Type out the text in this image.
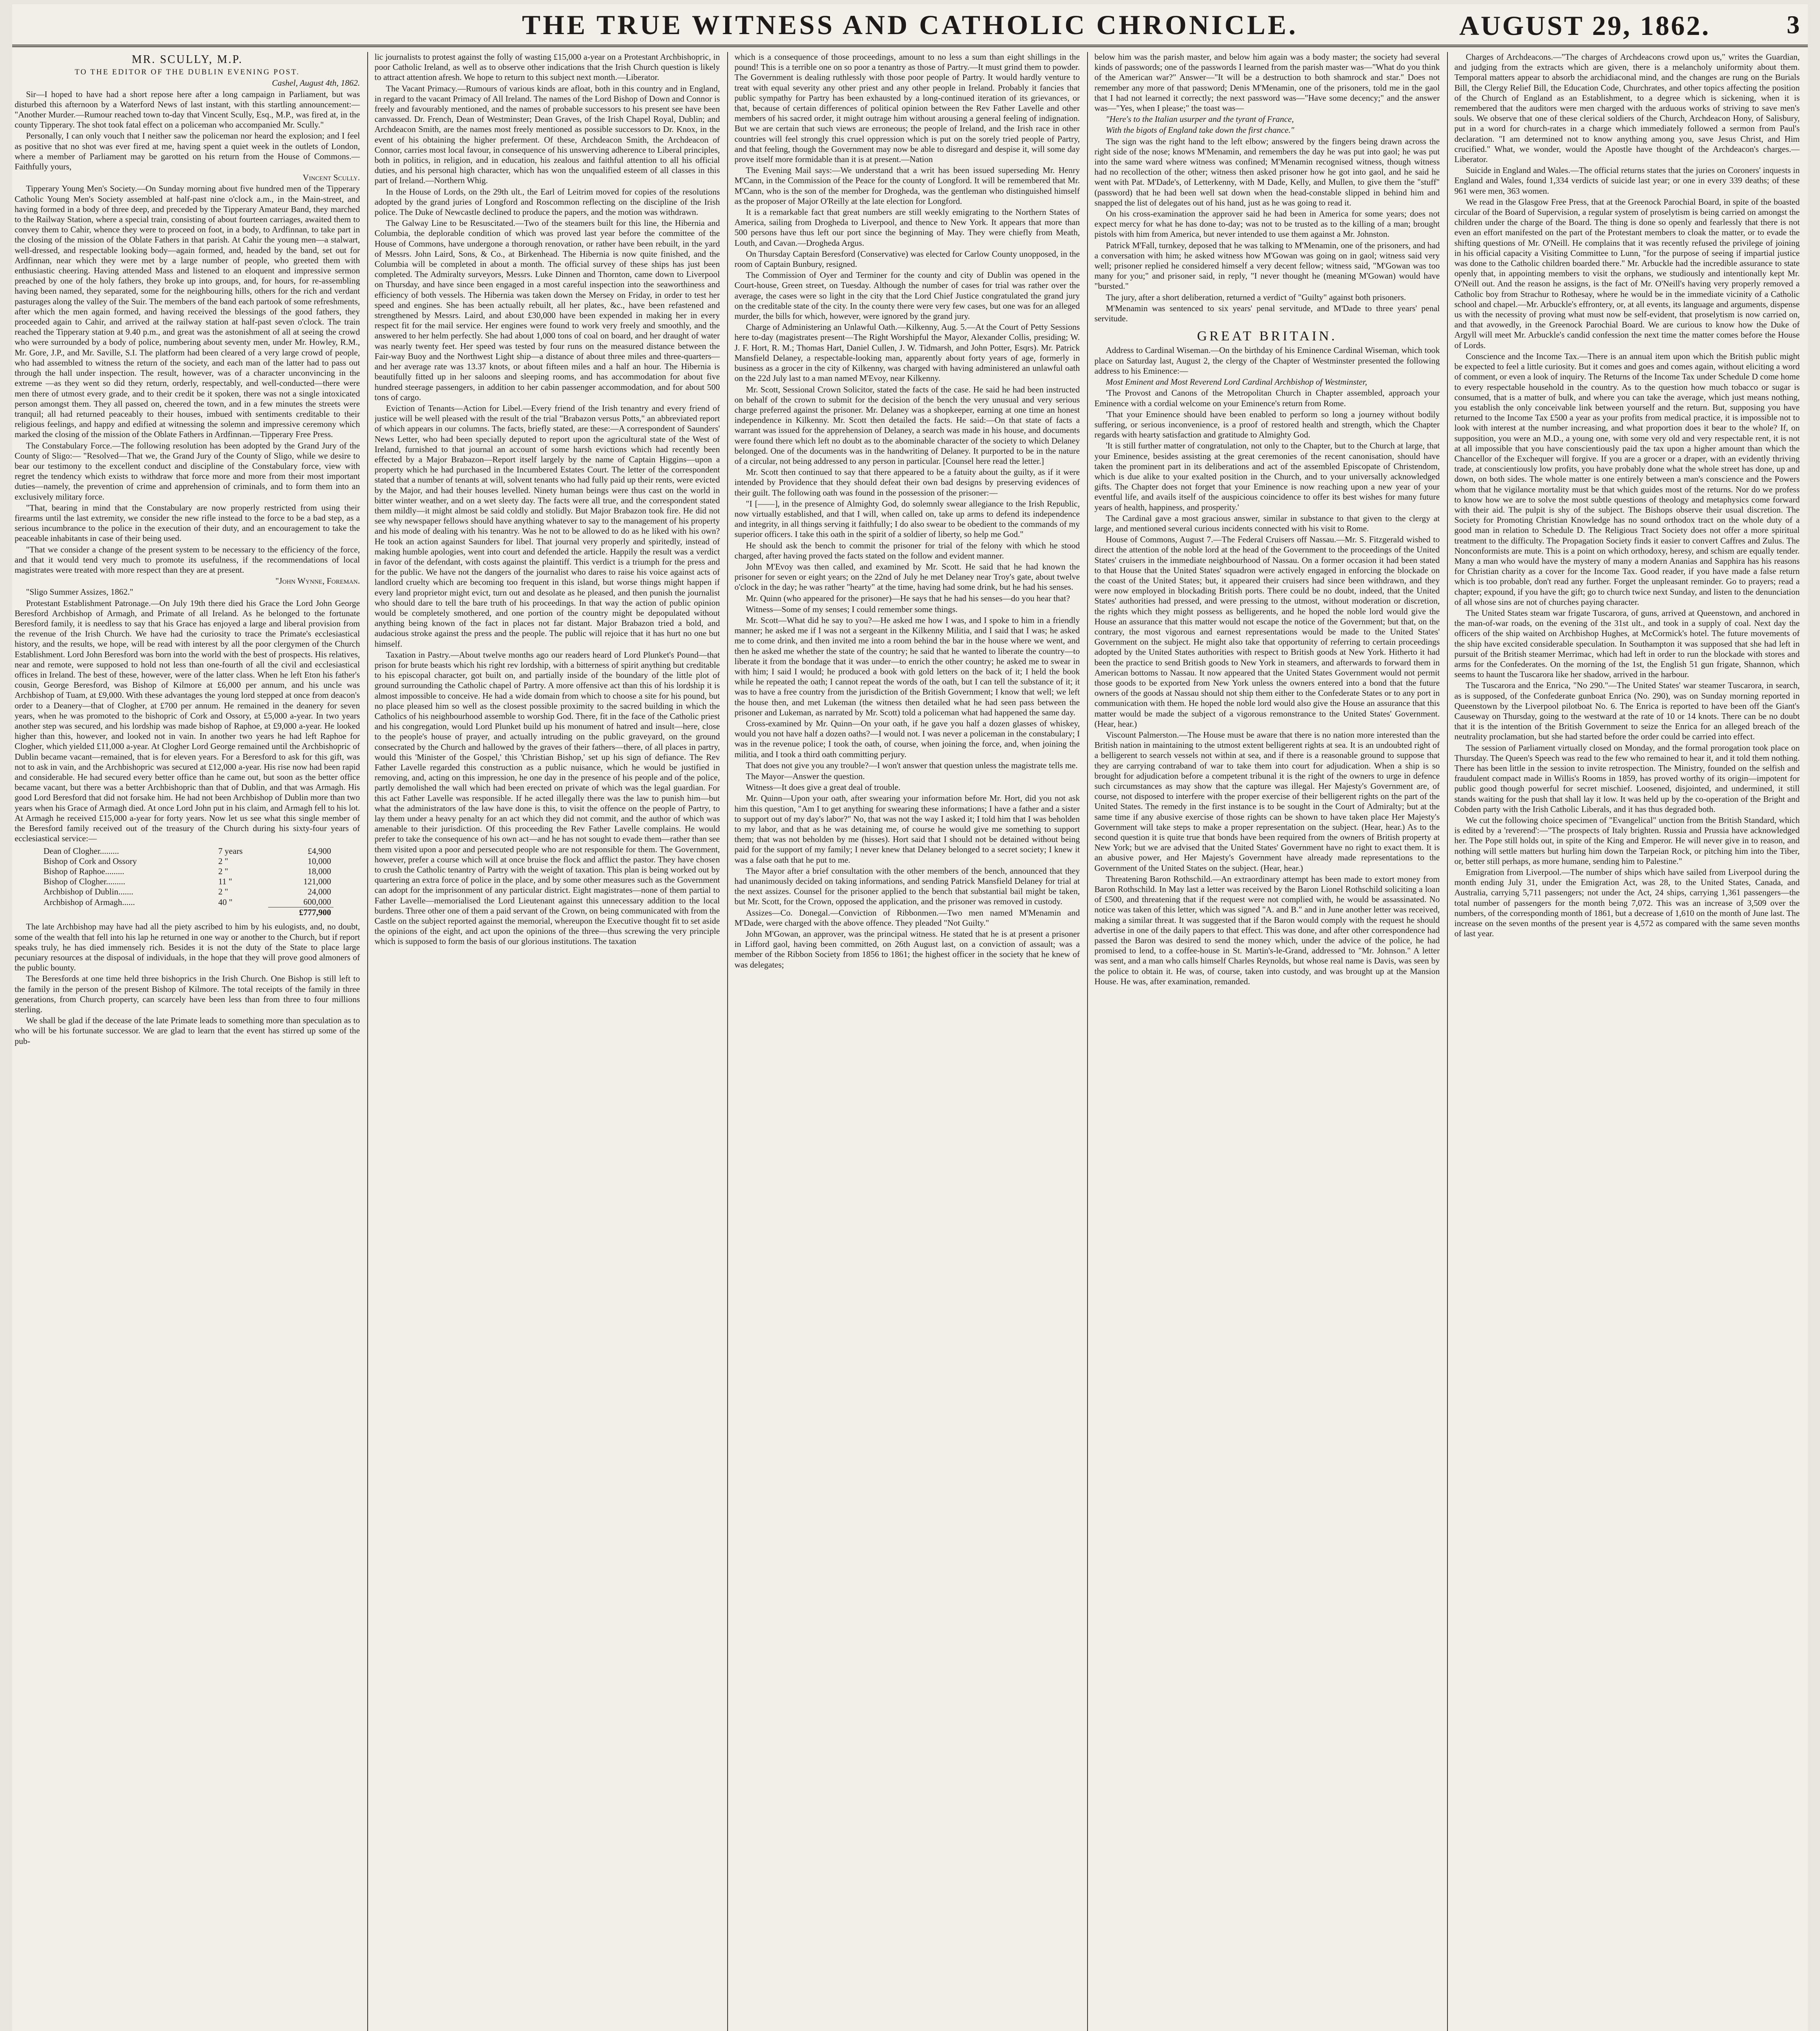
THE TRUE WITNESS AND CATHOLIC CHRONICLE.	AUGUST 29, 1862.	3
MR. SCULLY, M.P.

TO THE EDITOR OF THE DUBLIN EVENING POST.

Cashel, August 4th, 1862.

Sir—I hoped to have had a short repose here after a long campaign in Parliament, but was disturbed this afternoon by a Waterford News of last instant, with this startling announcement:— "Another Murder.—Rumour reached town to-day that Vincent Scully, Esq., M.P., was fired at, in the county Tipperary. The shot took fatal effect on a policeman who accompanied Mr. Scully."

Personally, I can only vouch that I neither saw the policeman nor heard the explosion; and I feel as positive that no shot was ever fired at me, having spent a quiet week in the outlets of London, where a member of Parliament may be garotted on his return from the House of Commons.—Faithfully yours,

Vincent Scully.

Tipperary Young Men's Society.—On Sunday morning about five hundred men of the Tipperary Catholic Young Men's Society assembled at half-past nine o'clock a.m., in the Main-street, and having formed in a body of three deep, and preceded by the Tipperary Amateur Band, they marched to the Railway Station, where a special train, consisting of about fourteen carriages, awaited them to convey them to Cahir, whence they were to proceed on foot, in a body, to Ardfinnan, to take part in the closing of the mission of the Oblate Fathers in that parish. At Cahir the young men—a stalwart, well-dressed, and respectable looking body—again formed, and, headed by the band, set out for Ardfinnan, near which they were met by a large number of people, who greeted them with enthusiastic cheering. Having attended Mass and listened to an eloquent and impressive sermon preached by one of the holy fathers, they broke up into groups, and, for hours, for re-assembling having been named, they separated, some for the neighbouring hills, others for the rich and verdant pasturages along the valley of the Suir. The members of the band each partook of some refreshments, after which the men again formed, and having received the blessings of the good fathers, they proceeded again to Cahir, and arrived at the railway station at half-past seven o'clock. The train reached the Tipperary station at 9.40 p.m., and great was the astonishment of all at seeing the crowd who were surrounded by a body of police, numbering about seventy men, under Mr. Howley, R.M., Mr. Gore, J.P., and Mr. Saville, S.I. The platform had been cleared of a very large crowd of people, who had assembled to witness the return of the society, and each man of the latter had to pass out through the hall under inspection. The result, however, was of a character unconvincing in the extreme —as they went so did they return, orderly, respectably, and well-conducted—there were men there of utmost every grade, and to their credit be it spoken, there was not a single intoxicated person amongst them. They all passed on, cheered the town, and in a few minutes the streets were tranquil; all had returned peaceably to their houses, imbued with sentiments creditable to their religious feelings, and happy and edified at witnessing the solemn and impressive ceremony which marked the closing of the mission of the Oblate Fathers in Ardfinnan.—Tipperary Free Press.

The Constabulary Force.—The following resolution has been adopted by the Grand Jury of the County of Sligo:— "Resolved—That we, the Grand Jury of the County of Sligo, while we desire to bear our testimony to the excellent conduct and discipline of the Constabulary force, view with regret the tendency which exists to withdraw that force more and more from their most important duties—namely, the prevention of crime and apprehension of criminals, and to form them into an exclusively military force.

"That, bearing in mind that the Constabulary are now properly restricted from using their firearms until the last extremity, we consider the new rifle instead to the force to be a bad step, as a serious incumbrance to the police in the execution of their duty, and an encouragement to take the peaceable inhabitants in case of their being used.

"That we consider a change of the present system to be necessary to the efficiency of the force, and that it would tend very much to promote its usefulness, if the recommendations of local magistrates were treated with more respect than they are at present.

"John Wynne, Foreman.

"Sligo Summer Assizes, 1862."

Protestant Establishment Patronage.—On July 19th there died his Grace the Lord John George Beresford Archbishop of Armagh, and Primate of all Ireland. As he belonged to the fortunate Beresford family, it is needless to say that his Grace has enjoyed a large and liberal provision from the revenue of the Irish Church. We have had the curiosity to trace the Primate's ecclesiastical history, and the results, we hope, will be read with interest by all the poor clergymen of the Church Establishment. Lord John Beresford was born into the world with the best of prospects. His relatives, near and remote, were supposed to hold not less than one-fourth of all the civil and ecclesiastical offices in Ireland. The best of these, however, were of the latter class. When he left Eton his father's cousin, George Beresford, was Bishop of Kilmore at £6,000 per annum, and his uncle was Archbishop of Tuam, at £9,000. With these advantages the young lord stepped at once from deacon's order to a Deanery—that of Clogher, at £700 per annum. He remained in the deanery for seven years, when he was promoted to the bishopric of Cork and Ossory, at £5,000 a-year. In two years another step was secured, and his lordship was made bishop of Raphoe, at £9,000 a-year. He looked higher than this, however, and looked not in vain. In another two years he had left Raphoe for Clogher, which yielded £11,000 a-year. At Clogher Lord George remained until the Archbishopric of Dublin became vacant—remained, that is for eleven years. For a Beresford to ask for this gift, was not to ask in vain, and the Archbishopric was secured at £12,000 a-year. His rise now had been rapid and considerable. He had secured every better office than he came out, but soon as the better office became vacant, but there was a better Archbishopric than that of Dublin, and that was Armagh. His good Lord Beresford that did not forsake him. He had not been Archbishop of Dublin more than two years when his Grace of Armagh died. At once Lord John put in his claim, and Armagh fell to his lot. At Armagh he received £15,000 a-year for forty years. Now let us see what this single member of the Beresford family received out of the treasury of the Church during his sixty-four years of ecclesiastical service:—

Dean of Clogher.........	7 years	£4,900
Bishop of Cork and Ossory	2 "	10,000
Bishop of Raphoe.........	2 "	18,000
Bishop of Clogher.........	11 "	121,000
Archbishop of Dublin.......	2 "	24,000
Archbishop of Armagh......	40 "	600,000
		£777,900

The late Archbishop may have had all the piety ascribed to him by his eulogists, and, no doubt, some of the wealth that fell into his lap he returned in one way or another to the Church, but if report speaks truly, he has died immensely rich. Besides it is not the duty of the State to place large pecuniary resources at the disposal of individuals, in the hope that they will prove good almoners of the public bounty.

The Beresfords at one time held three bishoprics in the Irish Church. One Bishop is still left to the family in the person of the present Bishop of Kilmore. The total receipts of the family in three generations, from Church property, can scarcely have been less than from three to four millions sterling.

We shall be glad if the decease of the late Primate leads to something more than speculation as to who will be his fortunate successor. We are glad to learn that the event has stirred up some of the pub-

lic journalists to protest against the folly of wasting £15,000 a-year on a Protestant Archbishopric, in poor Catholic Ireland, as well as to observe other indications that the Irish Church question is likely to attract attention afresh. We hope to return to this subject next month.—Liberator.

The Vacant Primacy.—Rumours of various kinds are afloat, both in this country and in England, in regard to the vacant Primacy of All Ireland. The names of the Lord Bishop of Down and Connor is freely and favourably mentioned, and the names of probable successors to his present see have been canvassed. Dr. French, Dean of Westminster; Dean Graves, of the Irish Chapel Royal, Dublin; and Archdeacon Smith, are the names most freely mentioned as possible successors to Dr. Knox, in the event of his obtaining the higher preferment. Of these, Archdeacon Smith, the Archdeacon of Connor, carries most local favour, in consequence of his unswerving adherence to Liberal principles, both in politics, in religion, and in education, his zealous and faithful attention to all his official duties, and his personal high character, which has won the unqualified esteem of all classes in this part of Ireland.—Northern Whig.

In the House of Lords, on the 29th ult., the Earl of Leitrim moved for copies of the resolutions adopted by the grand juries of Longford and Roscommon reflecting on the discipline of the Irish police. The Duke of Newcastle declined to produce the papers, and the motion was withdrawn.

The Galway Line to be Resuscitated.—Two of the steamers built for this line, the Hibernia and Columbia, the deplorable condition of which was proved last year before the committee of the House of Commons, have undergone a thorough renovation, or rather have been rebuilt, in the yard of Messrs. John Laird, Sons, & Co., at Birkenhead. The Hibernia is now quite finished, and the Columbia will be completed in about a month. The official survey of these ships has just been completed. The Admiralty surveyors, Messrs. Luke Dinnen and Thornton, came down to Liverpool on Thursday, and have since been engaged in a most careful inspection into the seaworthiness and efficiency of both vessels. The Hibernia was taken down the Mersey on Friday, in order to test her speed and engines. She has been actually rebuilt, all her plates, &c., have been refastened and strengthened by Messrs. Laird, and about £30,000 have been expended in making her in every respect fit for the mail service. Her engines were found to work very freely and smoothly, and the answered to her helm perfectly. She had about 1,000 tons of coal on board, and her draught of water was nearly twenty feet. Her speed was tested by four runs on the measured distance between the Fair-way Buoy and the Northwest Light ship—a distance of about three miles and three-quarters—and her average rate was 13.37 knots, or about fifteen miles and a half an hour. The Hibernia is beautifully fitted up in her saloons and sleeping rooms, and has accommodation for about five hundred steerage passengers, in addition to her cabin passenger accommodation, and for about 500 tons of cargo.

Eviction of Tenants—Action for Libel.—Every friend of the Irish tenantry and every friend of justice will be well pleased with the result of the trial "Brabazon versus Potts," an abbreviated report of which appears in our columns. The facts, briefly stated, are these:—A correspondent of Saunders' News Letter, who had been specially deputed to report upon the agricultural state of the West of Ireland, furnished to that journal an account of some harsh evictions which had recently been effected by a Major Brabazon—Report itself largely by the name of Captain Higgins—upon a property which he had purchased in the Incumbered Estates Court. The letter of the correspondent stated that a number of tenants at will, solvent tenants who had fully paid up their rents, were evicted by the Major, and had their houses levelled. Ninety human beings were thus cast on the world in bitter winter weather, and on a wet sleety day. The facts were all true, and the correspondent stated them mildly—it might almost be said coldly and stolidly. But Major Brabazon took fire. He did not see why newspaper fellows should have anything whatever to say to the management of his property and his mode of dealing with his tenantry. Was he not to be allowed to do as he liked with his own? He took an action against Saunders for libel. That journal very properly and spiritedly, instead of making humble apologies, went into court and defended the article. Happily the result was a verdict in favor of the defendant, with costs against the plaintiff. This verdict is a triumph for the press and for the public. We have not the dangers of the journalist who dares to raise his voice against acts of landlord cruelty which are becoming too frequent in this island, but worse things might happen if every land proprietor might evict, turn out and desolate as he pleased, and then punish the journalist who should dare to tell the bare truth of his proceedings. In that way the action of public opinion would be completely smothered, and one portion of the country might be depopulated without anything being known of the fact in places not far distant. Major Brabazon tried a bold, and audacious stroke against the press and the people. The public will rejoice that it has hurt no one but himself.

Taxation in Pastry.—About twelve months ago our readers heard of Lord Plunket's Pound—that prison for brute beasts which his right rev lordship, with a bitterness of spirit anything but creditable to his episcopal character, got built on, and partially inside of the boundary of the little plot of ground surrounding the Catholic chapel of Partry. A more offensive act than this of his lordship it is almost impossible to conceive. He had a wide domain from which to choose a site for his pound, but no place pleased him so well as the closest possible proximity to the sacred building in which the Catholics of his neighbourhood assemble to worship God. There, fit in the face of the Catholic priest and his congregation, would Lord Plunket build up his monument of hatred and insult—here, close to the people's house of prayer, and actually intruding on the public graveyard, on the ground consecrated by the Church and hallowed by the graves of their fathers—there, of all places in partry, would this 'Minister of the Gospel,' this 'Christian Bishop,' set up his sign of defiance. The Rev Father Lavelle regarded this construction as a public nuisance, which he would be justified in removing, and, acting on this impression, he one day in the presence of his people and of the police, partly demolished the wall which had been erected on private of which was the legal guardian. For this act Father Lavelle was responsible. If he acted illegally there was the law to punish him—but what the administrators of the law have done is this, to visit the offence on the people of Partry, to lay them under a heavy penalty for an act which they did not commit, and the author of which was amenable to their jurisdiction. Of this proceeding the Rev Father Lavelle complains. He would prefer to take the consequence of his own act—and he has not sought to evade them—rather than see them visited upon a poor and persecuted people who are not responsible for them. The Government, however, prefer a course which will at once bruise the flock and afflict the pastor. They have chosen to crush the Catholic tenantry of Partry with the weight of taxation. This plan is being worked out by quartering an extra force of police in the place, and by some other measures such as the Government can adopt for the imprisonment of any particular district. Eight magistrates—none of them partial to Father Lavelle—memorialised the Lord Lieutenant against this unnecessary addition to the local burdens. Three other one of them a paid servant of the Crown, on being communicated with from the Castle on the subject reported against the memorial, whereupon the Executive thought fit to set aside the opinions of the eight, and act upon the opinions of the three—thus screwing the very principle which is supposed to form the basis of our glorious institutions. The taxation

which is a consequence of those proceedings, amount to no less a sum than eight shillings in the pound! This is a terrible one on so poor a tenantry as those of Partry.—It must grind them to powder. The Government is dealing ruthlessly with those poor people of Partry. It would hardly venture to treat with equal severity any other priest and any other people in Ireland. Probably it fancies that public sympathy for Partry has been exhausted by a long-continued iteration of its grievances, or that, because of certain differences of political opinion between the Rev Father Lavelle and other members of his sacred order, it might outrage him without arousing a general feeling of indignation. But we are certain that such views are erroneous; the people of Ireland, and the Irish race in other countries will feel strongly this cruel oppression which is put on the sorely tried people of Partry, and that feeling, though the Government may now be able to disregard and despise it, will some day prove itself more formidable than it is at present.—Nation

The Evening Mail says:—We understand that a writ has been issued superseding Mr. Henry M'Cann, in the Commission of the Peace for the county of Longford. It will be remembered that Mr. M'Cann, who is the son of the member for Drogheda, was the gentleman who distinguished himself as the proposer of Major O'Reilly at the late election for Longford.

It is a remarkable fact that great numbers are still weekly emigrating to the Northern States of America, sailing from Drogheda to Liverpool, and thence to New York. It appears that more than 500 persons have thus left our port since the beginning of May. They were chiefly from Meath, Louth, and Cavan.—Drogheda Argus.

On Thursday Captain Beresford (Conservative) was elected for Carlow County unopposed, in the room of Captain Bunbury, resigned.

The Commission of Oyer and Terminer for the county and city of Dublin was opened in the Court-house, Green street, on Tuesday. Although the number of cases for trial was rather over the average, the cases were so light in the city that the Lord Chief Justice congratulated the grand jury on the creditable state of the city. In the county there were very few cases, but one was for an alleged murder, the bills for which, however, were ignored by the grand jury.

Charge of Administering an Unlawful Oath.—Kilkenny, Aug. 5.—At the Court of Petty Sessions here to-day (magistrates present—The Right Worshipful the Mayor, Alexander Collis, presiding; W. J. F. Hort, R. M.; Thomas Hart, Daniel Cullen, J. W. Tidmarsh, and John Potter, Esqrs). Mr. Patrick Mansfield Delaney, a respectable-looking man, apparently about forty years of age, formerly in business as a grocer in the city of Kilkenny, was charged with having administered an unlawful oath on the 22d July last to a man named M'Evoy, near Kilkenny.

Mr. Scott, Sessional Crown Solicitor, stated the facts of the case. He said he had been instructed on behalf of the crown to submit for the decision of the bench the very unusual and very serious charge preferred against the prisoner. Mr. Delaney was a shopkeeper, earning at one time an honest independence in Kilkenny. Mr. Scott then detailed the facts. He said:—On that state of facts a warrant was issued for the apprehension of Delaney, a search was made in his house, and documents were found there which left no doubt as to the abominable character of the society to which Delaney belonged. One of the documents was in the handwriting of Delaney. It purported to be in the nature of a circular, not being addressed to any person in particular. [Counsel here read the letter.]

Mr. Scott then continued to say that there appeared to be a fatuity about the guilty, as if it were intended by Providence that they should defeat their own bad designs by preserving evidences of their guilt. The following oath was found in the possession of the prisoner:—

"I [——], in the presence of Almighty God, do solemnly swear allegiance to the Irish Republic, now virtually established, and that I will, when called on, take up arms to defend its independence and integrity, in all things serving it faithfully; I do also swear to be obedient to the commands of my superior officers. I take this oath in the spirit of a soldier of liberty, so help me God."

He should ask the bench to commit the prisoner for trial of the felony with which he stood charged, after having proved the facts stated on the follow and evident manner.

John M'Evoy was then called, and examined by Mr. Scott. He said that he had known the prisoner for seven or eight years; on the 22nd of July he met Delaney near Troy's gate, about twelve o'clock in the day; he was rather "hearty" at the time, having had some drink, but he had his senses.

Mr. Quinn (who appeared for the prisoner)—He says that he had his senses—do you hear that?

Witness—Some of my senses; I could remember some things.

Mr. Scott—What did he say to you?—He asked me how I was, and I spoke to him in a friendly manner; he asked me if I was not a sergeant in the Kilkenny Militia, and I said that I was; he asked me to come drink, and then invited me into a room behind the bar in the house where we went, and then he asked me whether the state of the country; he said that he wanted to liberate the country—to liberate it from the bondage that it was under—to enrich the other country; he asked me to swear in with him; I said I would; he produced a book with gold letters on the back of it; I held the book while he repeated the oath; I cannot repeat the words of the oath, but I can tell the substance of it; it was to have a free country from the jurisdiction of the British Government; I know that well; we left the house then, and met Lukeman (the witness then detailed what he had seen pass between the prisoner and Lukeman, as narrated by Mr. Scott) told a policeman what had happened the same day.

Cross-examined by Mr. Quinn—On your oath, if he gave you half a dozen glasses of whiskey, would you not have half a dozen oaths?—I would not. I was never a policeman in the constabulary; I was in the revenue police; I took the oath, of course, when joining the force, and, when joining the militia, and I took a third oath committing perjury.

That does not give you any trouble?—I won't answer that question unless the magistrate tells me.

The Mayor—Answer the question.

Witness—It does give a great deal of trouble.

Mr. Quinn—Upon your oath, after swearing your information before Mr. Hort, did you not ask him this question, "Am I to get anything for swearing these informations; I have a father and a sister to support out of my day's labor?" No, that was not the way I asked it; I told him that I was beholden to my labor, and that as he was detaining me, of course he would give me something to support them; that was not beholden by me (hisses). Hort said that I should not be detained without being paid for the support of my family; I never knew that Delaney belonged to a secret society; I knew it was a false oath that he put to me.

The Mayor after a brief consultation with the other members of the bench, announced that they had unanimously decided on taking informations, and sending Patrick Mansfield Delaney for trial at the next assizes. Counsel for the prisoner applied to the bench that substantial bail might be taken, but Mr. Scott, for the Crown, opposed the application, and the prisoner was removed in custody.

Assizes—Co. Donegal.—Conviction of Ribbonmen.—Two men named M'Menamin and M'Dade, were charged with the above offence. They pleaded "Not Guilty."

John M'Gowan, an approver, was the principal witness. He stated that he is at present a prisoner in Lifford gaol, having been committed, on 26th August last, on a conviction of assault; was a member of the Ribbon Society from 1856 to 1861; the highest officer in the society that he knew of was delegates;

below him was the parish master, and below him again was a body master; the society had several kinds of passwords; one of the passwords I learned from the parish master was—"What do you think of the American war?" Answer—"It will be a destruction to both shamrock and star." Does not remember any more of that password; Denis M'Menamin, one of the prisoners, told me in the gaol that I had not learned it correctly; the next password was—"Have some decency;" and the answer was—"Yes, when I please;" the toast was—

"Here's to the Italian usurper and the tyrant of France,

With the bigots of England take down the first chance."

The sign was the right hand to the left elbow; answered by the fingers being drawn across the right side of the nose; knows M'Menamin, and remembers the day he was put into gaol; he was put into the same ward where witness was confined; M'Menamin recognised witness, though witness had no recollection of the other; witness then asked prisoner how he got into gaol, and he said he went with Pat. M'Dade's, of Letterkenny, with M Dade, Kelly, and Mullen, to give them the "stuff" (password) that he had been well sat down when the head-constable slipped in behind him and snapped the list of delegates out of his hand, just as he was going to read it.

On his cross-examination the approver said he had been in America for some years; does not expect mercy for what he has done to-day; was not to be trusted as to the killing of a man; brought pistols with him from America, but never intended to use them against a Mr. Johnston.

Patrick M'Fall, turnkey, deposed that he was talking to M'Menamin, one of the prisoners, and had a conversation with him; he asked witness how M'Gowan was going on in gaol; witness said very well; prisoner replied he considered himself a very decent fellow; witness said, "M'Gowan was too many for you;" and prisoner said, in reply, "I never thought he (meaning M'Gowan) would have "bursted."

The jury, after a short deliberation, returned a verdict of "Guilty" against both prisoners.

M'Menamin was sentenced to six years' penal servitude, and M'Dade to three years' penal servitude.

GREAT BRITAIN.

Address to Cardinal Wiseman.—On the birthday of his Eminence Cardinal Wiseman, which took place on Saturday last, August 2, the clergy of the Chapter of Westminster presented the following address to his Eminence:—

Most Eminent and Most Reverend Lord Cardinal Archbishop of Westminster,

'The Provost and Canons of the Metropolitan Church in Chapter assembled, approach your Eminence with a cordial welcome on your Eminence's return from Rome.

'That your Eminence should have been enabled to perform so long a journey without bodily suffering, or serious inconvenience, is a proof of restored health and strength, which the Chapter regards with hearty satisfaction and gratitude to Almighty God.

'It is still further matter of congratulation, not only to the Chapter, but to the Church at large, that your Eminence, besides assisting at the great ceremonies of the recent canonisation, should have taken the prominent part in its deliberations and act of the assembled Episcopate of Christendom, which is due alike to your exalted position in the Church, and to your universally acknowledged gifts. The Chapter does not forget that your Eminence is now reaching upon a new year of your eventful life, and avails itself of the auspicious coincidence to offer its best wishes for many future years of health, happiness, and prosperity.'

The Cardinal gave a most gracious answer, similar in substance to that given to the clergy at large, and mentioned several curious incidents connected with his visit to Rome.

House of Commons, August 7.—The Federal Cruisers off Nassau.—Mr. S. Fitzgerald wished to direct the attention of the noble lord at the head of the Government to the proceedings of the United States' cruisers in the immediate neighbourhood of Nassau. On a former occasion it had been stated to that House that the United States' squadron were actively engaged in enforcing the blockade on the coast of the United States; but, it appeared their cruisers had since been withdrawn, and they were now employed in blockading British ports. There could be no doubt, indeed, that the United States' authorities had pressed, and were pressing to the utmost, without moderation or discretion, the rights which they might possess as belligerents, and he hoped the noble lord would give the House an assurance that this matter would not escape the notice of the Government; but that, on the contrary, the most vigorous and earnest representations would be made to the United States' Government on the subject. He might also take that opportunity of referring to certain proceedings adopted by the United States authorities with respect to British goods at New York. Hitherto it had been the practice to send British goods to New York in steamers, and afterwards to forward them in American bottoms to Nassau. It now appeared that the United States Government would not permit those goods to be exported from New York unless the owners entered into a bond that the future owners of the goods at Nassau should not ship them either to the Confederate States or to any port in communication with them. He hoped the noble lord would also give the House an assurance that this matter would be made the subject of a vigorous remonstrance to the United States' Government. (Hear, hear.)

Viscount Palmerston.—The House must be aware that there is no nation more interested than the British nation in maintaining to the utmost extent belligerent rights at sea. It is an undoubted right of a belligerent to search vessels not within at sea, and if there is a reasonable ground to suppose that they are carrying contraband of war to take them into court for adjudication. When a ship is so brought for adjudication before a competent tribunal it is the right of the owners to urge in defence such circumstances as may show that the capture was illegal. Her Majesty's Government are, of course, not disposed to interfere with the proper exercise of their belligerent rights on the part of the United States. The remedy in the first instance is to be sought in the Court of Admiralty; but at the same time if any abusive exercise of those rights can be shown to have taken place Her Majesty's Government will take steps to make a proper representation on the subject. (Hear, hear.) As to the second question it is quite true that bonds have been required from the owners of British property at New York; but we are advised that the United States' Government have no right to exact them. It is an abusive power, and Her Majesty's Government have already made representations to the Government of the United States on the subject. (Hear, hear.)

Threatening Baron Rothschild.—An extraordinary attempt has been made to extort money from Baron Rothschild. In May last a letter was received by the Baron Lionel Rothschild soliciting a loan of £500, and threatening that if the request were not complied with, he would be assassinated. No notice was taken of this letter, which was signed "A. and B." and in June another letter was received, making a similar threat. It was suggested that if the Baron would comply with the request he should advertise in one of the daily papers to that effect. This was done, and after other correspondence had passed the Baron was desired to send the money which, under the advice of the police, he had promised to lend, to a coffee-house in St. Martin's-le-Grand, addressed to "Mr. Johnson." A letter was sent, and a man who calls himself Charles Reynolds, but whose real name is Davis, was seen by the police to obtain it. He was, of course, taken into custody, and was brought up at the Mansion House. He was, after examination, remanded.

Charges of Archdeacons.—"The charges of Archdeacons crowd upon us," writes the Guardian, and judging from the extracts which are given, there is a melancholy uniformity about them. Temporal matters appear to absorb the archidiaconal mind, and the changes are rung on the Burials Bill, the Clergy Relief Bill, the Education Code, Churchrates, and other topics affecting the position of the Church of England as an Establishment, to a degree which is sickening, when it is remembered that the auditors were men charged with the arduous works of striving to save men's souls. We observe that one of these clerical soldiers of the Church, Archdeacon Hony, of Salisbury, put in a word for church-rates in a charge which immediately followed a sermon from Paul's declaration. "I am determined not to know anything among you, save Jesus Christ, and Him crucified." What, we wonder, would the Apostle have thought of the Archdeacon's charges.—Liberator.

Suicide in England and Wales.—The official returns states that the juries on Coroners' inquests in England and Wales, found 1,334 verdicts of suicide last year; or one in every 339 deaths; of these 961 were men, 363 women.

We read in the Glasgow Free Press, that at the Greenock Parochial Board, in spite of the boasted circular of the Board of Supervision, a regular system of proselytism is being carried on amongst the children under the charge of the Board. The thing is done so openly and fearlessly that there is not even an effort manifested on the part of the Protestant members to cloak the matter, or to evade the shifting questions of Mr. O'Neill. He complains that it was recently refused the privilege of joining in his official capacity a Visiting Committee to Lunn, "for the purpose of seeing if impartial justice was done to the Catholic children boarded there." Mr. Arbuckle had the incredible assurance to state openly that, in appointing members to visit the orphans, we studiously and intentionally kept Mr. O'Neill out. And the reason he assigns, is the fact of Mr. O'Neill's having very properly removed a Catholic boy from Strachur to Rothesay, where he would be in the immediate vicinity of a Catholic school and chapel.—Mr. Arbuckle's effrontery, or, at all events, its language and arguments, dispense us with the necessity of proving what must now be self-evident, that proselytism is now carried on, and that avowedly, in the Greenock Parochial Board. We are curious to know how the Duke of Argyll will meet Mr. Arbuckle's candid confession the next time the matter comes before the House of Lords.

Conscience and the Income Tax.—There is an annual item upon which the British public might be expected to feel a little curiosity. But it comes and goes and comes again, without eliciting a word of comment, or even a look of inquiry. The Returns of the Income Tax under Schedule D come home to every respectable household in the country. As to the question how much tobacco or sugar is consumed, that is a matter of bulk, and where you can take the average, which just means nothing, you establish the only conceivable link between yourself and the return. But, supposing you have returned to the Income Tax £500 a year as your profits from medical practice, it is impossible not to look with interest at the number increasing, and what proportion does it bear to the whole? If, on supposition, you were an M.D., a young one, with some very old and very respectable rent, it is not at all impossible that you have conscientiously paid the tax upon a higher amount than which the Chancellor of the Exchequer will forgive. If you are a grocer or a draper, with an evidently thriving trade, at conscientiously low profits, you have probably done what the whole street has done, up and down, on both sides. The whole matter is one entirely between a man's conscience and the Powers whom that he vigilance mortality must be that which guides most of the returns. Nor do we profess to know how we are to solve the most subtle questions of theology and metaphysics come forward with their aid. The pulpit is shy of the subject. The Bishops observe their usual discretion. The Society for Promoting Christian Knowledge has no sound orthodox tract on the whole duty of a good man in relation to Schedule D. The Religious Tract Society does not offer a more spiritual treatment to the difficulty. The Propagation Society finds it easier to convert Caffres and Zulus. The Nonconformists are mute. This is a point on which orthodoxy, heresy, and schism are equally tender. Many a man who would have the mystery of many a modern Ananias and Sapphira has his reasons for Christian charity as a cover for the Income Tax. Good reader, if you have made a false return which is too probable, don't read any further. Forget the unpleasant reminder. Go to prayers; read a chapter; expound, if you have the gift; go to church twice next Sunday, and listen to the denunciation of all whose sins are not of churches paying character.

The United States steam war frigate Tuscarora, of guns, arrived at Queenstown, and anchored in the man-of-war roads, on the evening of the 31st ult., and took in a supply of coal. Next day the officers of the ship waited on Archbishop Hughes, at McCormick's hotel. The future movements of the ship have excited considerable speculation. In Southampton it was supposed that she had left in pursuit of the British steamer Merrimac, which had left in order to run the blockade with stores and arms for the Confederates. On the morning of the 1st, the English 51 gun frigate, Shannon, which seems to haunt the Tuscarora like her shadow, arrived in the harbour.

The Tuscarora and the Enrica, "No 290."—The United States' war steamer Tuscarora, in search, as is supposed, of the Confederate gunboat Enrica (No. 290), was on Sunday morning reported in Queenstown by the Liverpool pilotboat No. 6. The Enrica is reported to have been off the Giant's Causeway on Thursday, going to the westward at the rate of 10 or 14 knots. There can be no doubt that it is the intention of the British Government to seize the Enrica for an alleged breach of the neutrality proclamation, but she had started before the order could be carried into effect.

The session of Parliament virtually closed on Monday, and the formal prorogation took place on Thursday. The Queen's Speech was read to the few who remained to hear it, and it told them nothing. There has been little in the session to invite retrospection. The Ministry, founded on the selfish and fraudulent compact made in Willis's Rooms in 1859, has proved worthy of its origin—impotent for public good though powerful for secret mischief. Loosened, disjointed, and undermined, it still stands waiting for the push that shall lay it low. It was held up by the co-operation of the Bright and Cobden party with the Irish Catholic Liberals, and it has thus degraded both.

We cut the following choice specimen of "Evangelical" unction from the British Standard, which is edited by a 'reverend':—"The prospects of Italy brighten. Russia and Prussia have acknowledged her. The Pope still holds out, in spite of the King and Emperor. He will never give in to reason, and nothing will settle matters but hurling him down the Tarpeian Rock, or pitching him into the Tiber, or, better still perhaps, as more humane, sending him to Palestine."

Emigration from Liverpool.—The number of ships which have sailed from Liverpool during the month ending July 31, under the Emigration Act, was 28, to the United States, Canada, and Australia, carrying 5,711 passengers; not under the Act, 24 ships, carrying 1,361 passengers—the total number of passengers for the month being 7,072. This was an increase of 3,509 over the numbers, of the corresponding month of 1861, but a decrease of 1,610 on the month of June last. The increase on the seven months of the present year is 4,572 as compared with the same seven months of last year.
